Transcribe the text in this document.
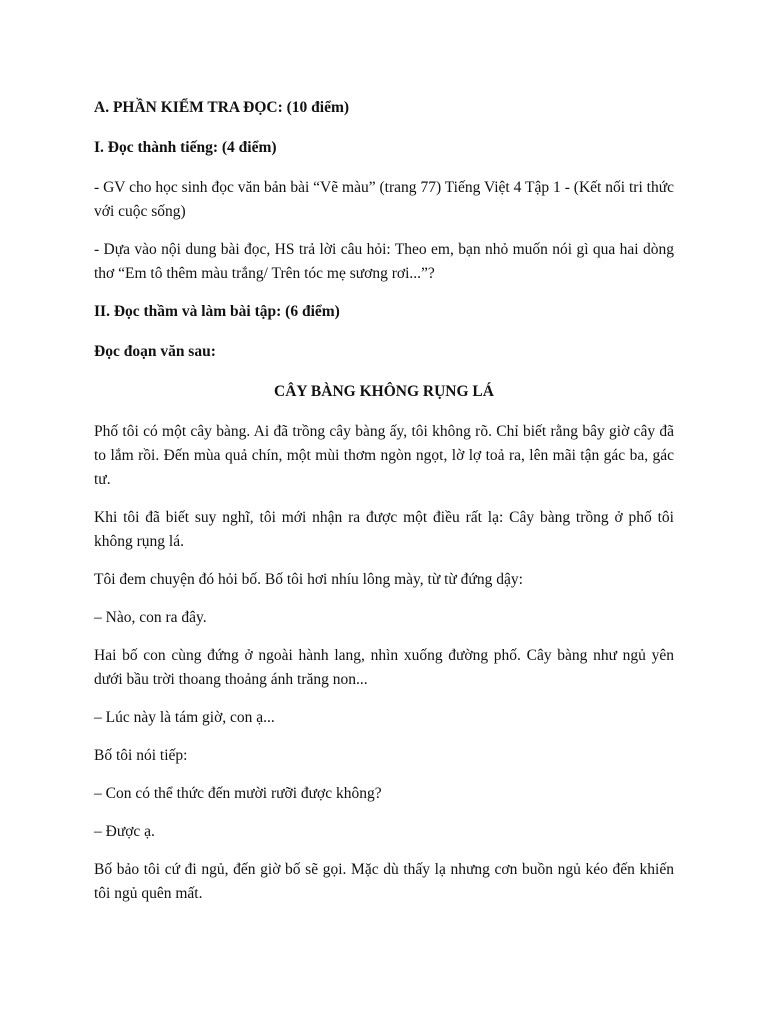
A. PHẦN KIỂM TRA ĐỌC: (10 điểm)

I. Đọc thành tiếng: (4 điểm)

- GV cho học sinh đọc văn bản bài “Vẽ màu” (trang 77) Tiếng Việt 4 Tập 1 - (Kết nối tri thức với cuộc sống)

- Dựa vào nội dung bài đọc, HS trả lời câu hỏi: Theo em, bạn nhỏ muốn nói gì qua hai dòng thơ “Em tô thêm màu trắng/ Trên tóc mẹ sương rơi...”?

II. Đọc thầm và làm bài tập: (6 điểm)

Đọc đoạn văn sau:

CÂY BÀNG KHÔNG RỤNG LÁ

Phố tôi có một cây bàng. Ai đã trồng cây bàng ấy, tôi không rõ. Chỉ biết rằng bây giờ cây đã to lắm rồi. Đến mùa quả chín, một mùi thơm ngòn ngọt, lờ lợ toả ra, lên mãi tận gác ba, gác tư.

Khi tôi đã biết suy nghĩ, tôi mới nhận ra được một điều rất lạ: Cây bàng trồng ở phố tôi không rụng lá.

Tôi đem chuyện đó hỏi bố. Bố tôi hơi nhíu lông mày, từ từ đứng dậy:

– Nào, con ra đây.

Hai bố con cùng đứng ở ngoài hành lang, nhìn xuống đường phố. Cây bàng như ngủ yên dưới bầu trời thoang thoảng ánh trăng non...

– Lúc này là tám giờ, con ạ...

Bố tôi nói tiếp:

– Con có thể thức đến mười rưỡi được không?

– Được ạ.

Bố bảo tôi cứ đi ngủ, đến giờ bố sẽ gọi. Mặc dù thấy lạ nhưng cơn buồn ngủ kéo đến khiến tôi ngủ quên mất.
